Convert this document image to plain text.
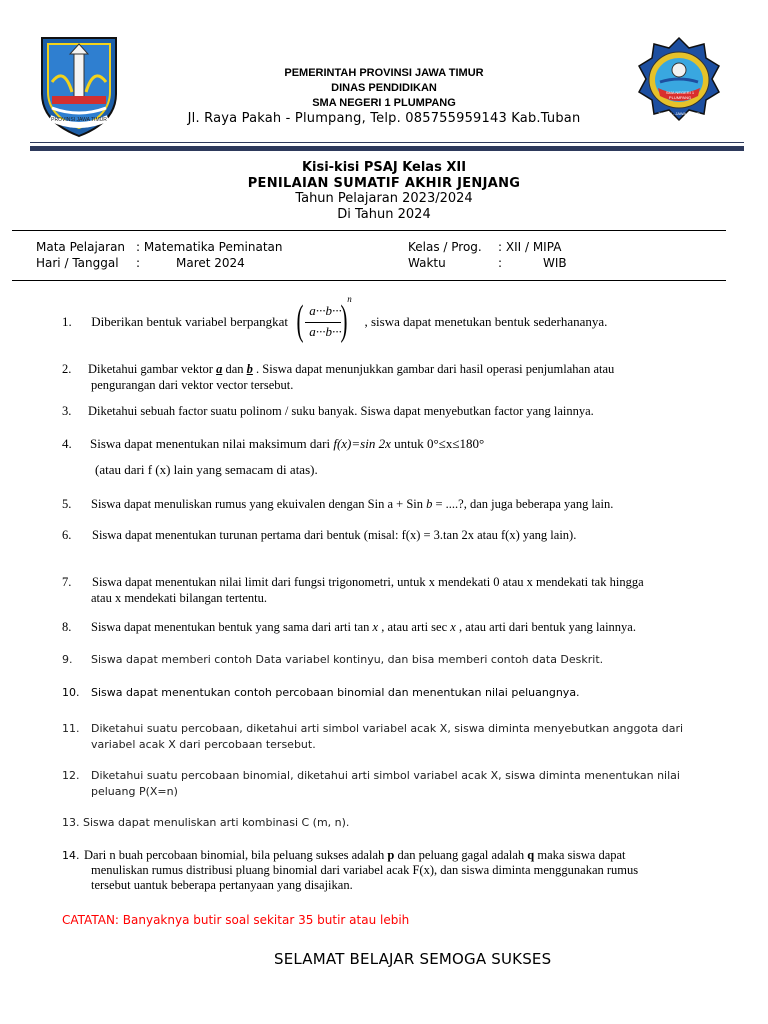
PROVINSI JAWA TIMUR
SMA NEGERI 1 PLUMPANG
TUBAN - JAWA TIMUR
PEMERINTAH PROVINSI JAWA TIMUR
DINAS PENDIDIKAN
SMA NEGERI 1 PLUMPANG
Jl. Raya Pakah - Plumpang, Telp. 085755959143 Kab.Tuban
Kisi-kisi PSAJ Kelas XII
PENILAIAN SUMATIF AKHIR JENJANG
Tahun Pelajaran 2023/2024
Di Tahun 2024
Mata Pelajaran : Matematika Peminatan
Hari / Tanggal :	Maret 2024
Kelas / Prog. : XII / MIPA
Waktu	:	WIB
1. Diberikan bentuk variabel berpangkat ( a···b···
a···b··· ) n
, siswa dapat menetukan bentuk sederhananya.
2. Diketahui gambar vektor a dan b . Siswa dapat menunjukkan gambar dari hasil operasi penjumlahan atau
pengurangan dari vektor vector tersebut.
3. Diketahui sebuah factor suatu polinom / suku banyak. Siswa dapat menyebutkan factor yang lainnya.
4. Siswa dapat menentukan nilai maksimum dari f(x)=sin 2x untuk 0°≤x≤180°
(atau dari f (x) lain yang semacam di atas).
5. Siswa dapat menuliskan rumus yang ekuivalen dengan Sin a + Sin b = ....?, dan juga beberapa yang lain.
6. Siswa dapat menentukan turunan pertama dari bentuk (misal: f(x) = 3.tan 2x atau f(x) yang lain).
7. Siswa dapat menentukan nilai limit dari fungsi trigonometri, untuk x mendekati 0 atau x mendekati tak hingga
atau x mendekati bilangan tertentu.
8. Siswa dapat menentukan bentuk yang sama dari arti tan x , atau arti sec x , atau arti dari bentuk yang lainnya.
9. Siswa dapat memberi contoh Data variabel kontinyu, dan bisa memberi contoh data Deskrit.
10. Siswa dapat menentukan contoh percobaan binomial dan menentukan nilai peluangnya.
11. Diketahui suatu percobaan, diketahui arti simbol variabel acak X, siswa diminta menyebutkan anggota dari
variabel acak X dari percobaan tersebut.
12. Diketahui suatu percobaan binomial, diketahui arti simbol variabel acak X, siswa diminta menentukan nilai
peluang P(X=n)
13. Siswa dapat menuliskan arti kombinasi C (m, n).
14. Dari n buah percobaan binomial, bila peluang sukses adalah p dan peluang gagal adalah q maka siswa dapat
menuliskan rumus distribusi pluang binomial dari variabel acak F(x), dan siswa diminta menggunakan rumus
tersebut uantuk beberapa pertanyaan yang disajikan.
CATATAN: Banyaknya butir soal sekitar 35 butir atau lebih
SELAMAT BELAJAR SEMOGA SUKSES
